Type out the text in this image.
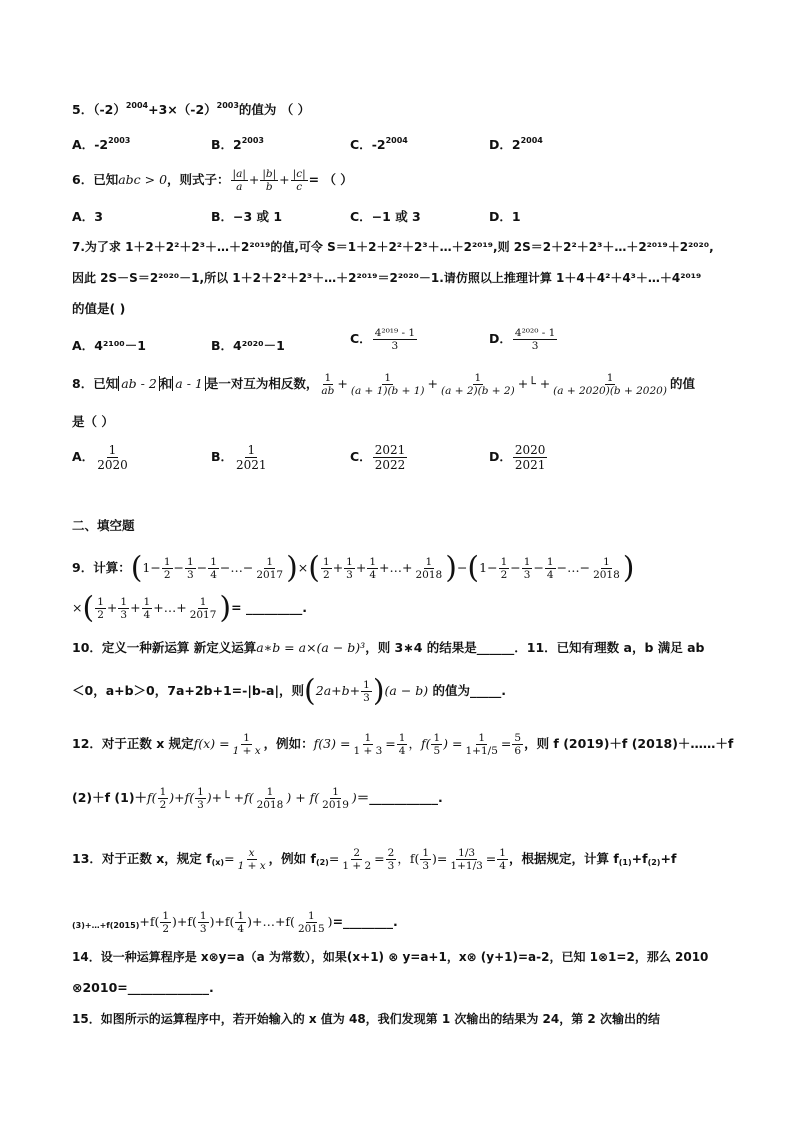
5．$(-2)^{2004}+3\times(-2)^{2003}$的值为 （ ）
A．$-2^{2003}$	B．$2^{2003}$	C．$-2^{2004}$	D．$2^{2004}$
6．已知abc > 0，则式子： $\frac{|a|}{a} + \frac{|b|}{b} + \frac{|c|}{c}$ = （ ）
A．3	B．−3 或 1	C．−1 或 3	D．1
7.为了求 1＋2＋2²＋2³＋…＋2²⁰¹⁹的值,可令 S＝1＋2＋2²＋2³＋…＋2²⁰¹⁹,则 2S＝2＋2²＋2³＋…＋2²⁰¹⁹＋2²⁰²⁰,
因此 2S－S＝2²⁰²⁰－1,所以 1＋2＋2²＋2³＋…＋2²⁰¹⁹＝2²⁰²⁰－1.请仿照以上推理计算 1＋4＋4²＋4³＋…＋4²⁰¹⁹
的值是( )
A．4²¹⁰⁰－1	B．4²⁰²⁰－1	C． $\frac{\text{4²⁰¹⁹ - 1}}{3}$	D． $\frac{\text{4²⁰²⁰ - 1}}{3}$
8．已知 ab - 2 和 a - 1 是一对互为相反数， $\frac{1}{ab} + \frac{1}{(a + 1)(b + 1)} + \frac{1}{(a + 2)(b + 2)}$ +└ + $\frac{1}{(a + 2020)(b + 2020)}$ 的值
是（ ）
A． $\frac{1}{2020}$	B． $\frac{1}{2021}$	C． $\frac{2021}{2022}$	D． $\frac{2020}{2021}$
二、填空题
9．计算：($1- \frac{1}{2} - \frac{1}{3} - \frac{1}{4}$ −…− $\frac{1}{2017}$ )×( $\frac{1}{2} + \frac{1}{3} + \frac{1}{4}$ +…+ $\frac{1}{2018} )-(1- \frac{1}{2} - \frac{1}{3} - \frac{1}{4}$ −…− $\frac{1}{2018}$ )
×( $\frac{1}{2} + \frac{1}{3} + \frac{1}{4}$ +…+ $\frac{1}{2017}$ )= _________.
10．定义一种新运算 新定义运算a∗b = a×(a − b)³，则 3∗4 的结果是______．11．已知有理数 a，b 满足 ab
＜0，a+b＞0，7a+2b+1=-|b-a|，则$(2a+b+ \frac{1}{3} )(a - b)$ 的值为_____.
12．对于正数 x 规定$f(x) = \frac{1}{1 + x}$ ，例如：$f(3) = \frac{1}{1 + 3} = \frac{1}{4}$ ，$f( \frac{1}{5}$ ) = $\frac{1}{1+1/5} = \frac{5}{6}$ ，则 f (2019)＋f (2018)＋……＋f
(2)＋f $(1)+f( \frac{1}{2} )+f( \frac{1}{3}$ )+└ $+f( \frac{1}{2018}$ ) + $f( \frac{1}{2019}$ )＝___________.
13．对于正数 x，规定 $f_{(x)}= \frac{x}{1 + x}$ ，例如 $f_{(2)}= \frac{2}{1 + 2} = \frac{2}{3}$ ，$f( \frac{1}{3}$ )= $\frac{1/3}{1+1/3} = \frac{1}{4}$ ，根据规定，计算 $f_{(1)}+f_{(2)}+f$
$_{(3)+\dots+f(2015)}+f( \frac{1}{2} )+f( \frac{1}{3} )+f( \frac{1}{4}$ )+…+f( $\frac{1}{2015}$ )=________.
14．设一种运算程序是 x⊗y=a（a 为常数），如果(x+1) ⊗ y=a+1，x⊗ (y+1)=a-2，已知 1⊗1=2，那么 2010
⊗2010=_____________.
15．如图所示的运算程序中，若开始输入的 x 值为 48，我们发现第 1 次输出的结果为 24，第 2 次输出的结
